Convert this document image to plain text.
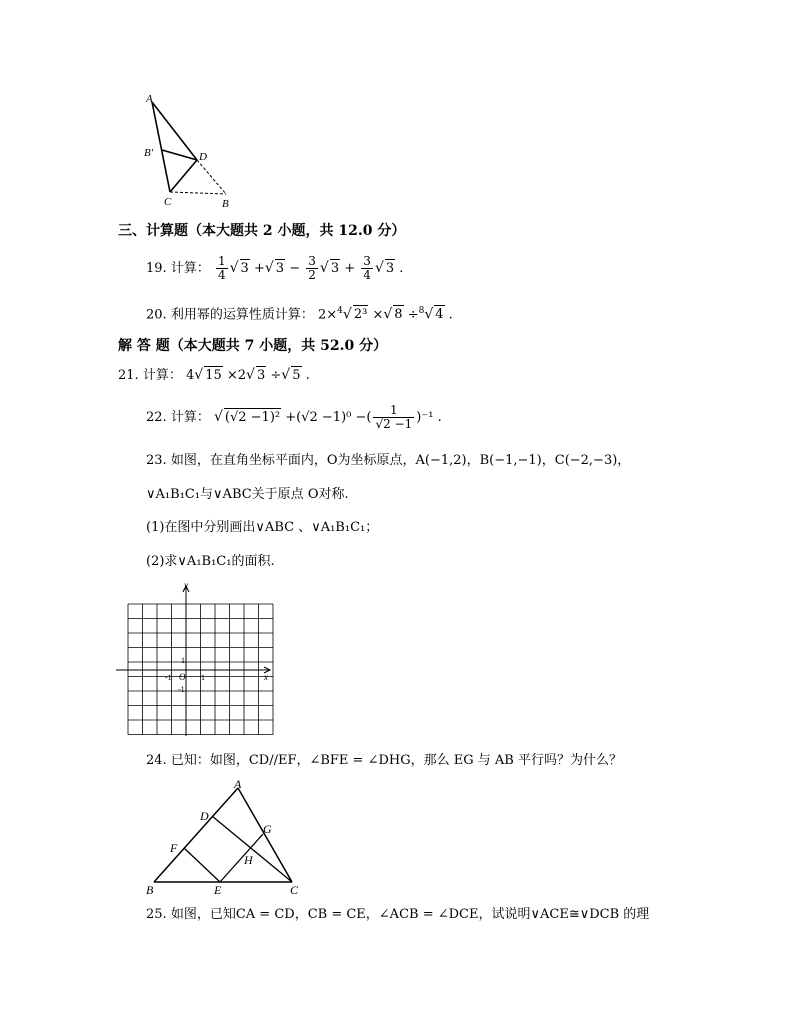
A
B′	D
C	B
三、计算题（本大题共 2 小题，共 12.0 分）
19. 计算： $\frac{1}{4}$ √ 3 +√ $3 - \frac{3}{2}$ √ $3 + \frac{3}{4}$ √ 3 .
20. 利用幂的运算性质计算： 2×$^4$√ 2³ ×√ 8 ÷$^8$√ 4 .
解 答 题（本大题共 7 小题，共 52.0 分）
21. 计算： 4√ 15 ×2√ 3 ÷√ 5 .
22. 计算： √ (√2 −1)² +(√2 −1)⁰ −( $\frac{1}{√2 -1} )^{-1}$ .
23. 如图，在直角坐标平面内，O为坐标原点，A(−1,2)，B(−1,−1)，C(−2,−3)，
∨A₁B₁C₁与∨ABC关于原点 O对称.
(1)在图中分别画出∨ABC 、∨A₁B₁C₁；
(2)求∨A₁B₁C₁的面积.
y
x
O
1
-1
1
-1
24. 已知：如图，CD//EF，∠BFE = ∠DHG，那么 EG 与 AB 平行吗？为什么？
A
D
G
F
H
B	E	C
25. 如图，已知CA = CD，CB = CE，∠ACB = ∠DCE，试说明∨ACE≅∨DCB 的理
